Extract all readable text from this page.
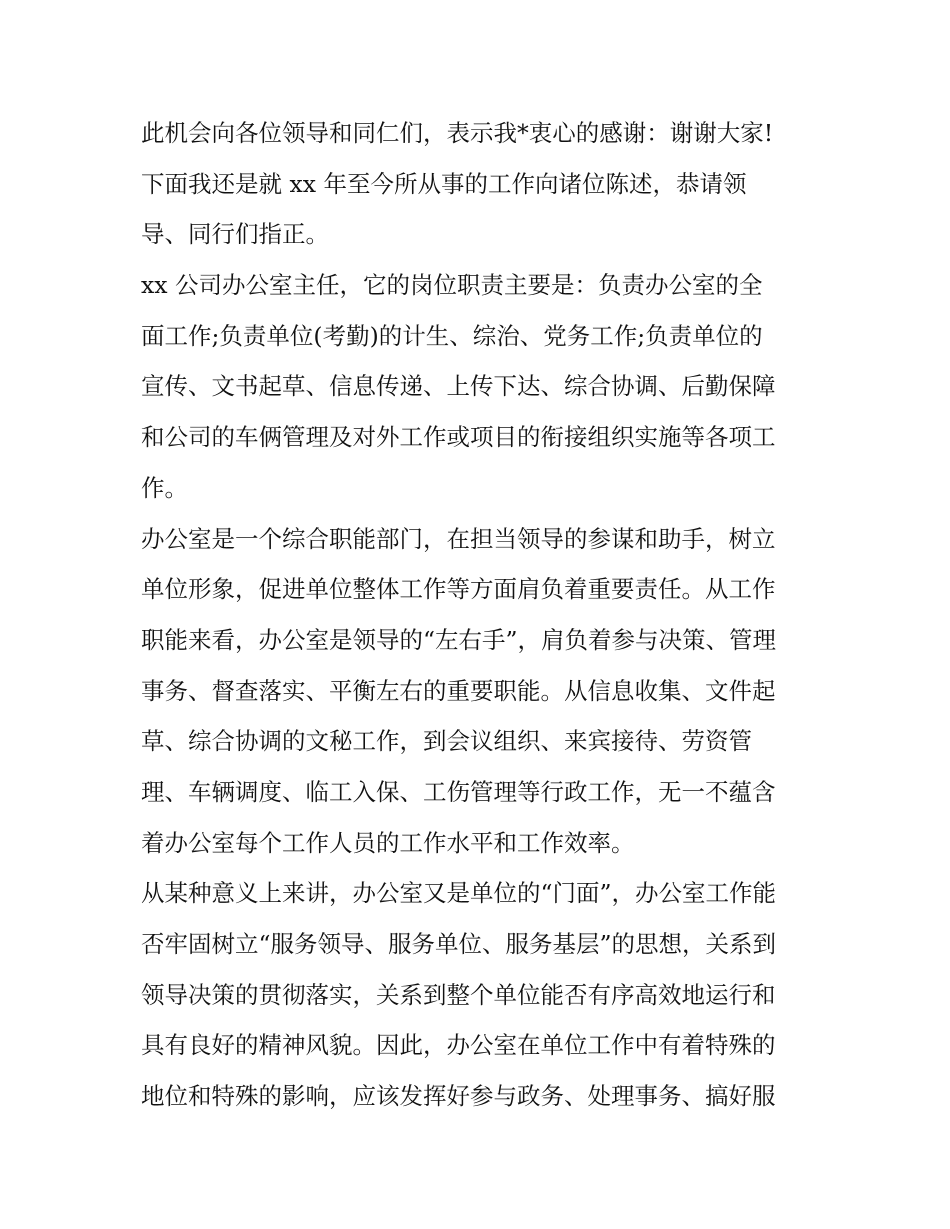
此机会向各位领导和同仁们，表示我*衷心的感谢：谢谢大家!
下面我还是就 xx 年至今所从事的工作向诸位陈述，恭请领
导、同行们指正。
xx 公司办公室主任，它的岗位职责主要是：负责办公室的全
面工作;负责单位(考勤)的计生、综治、党务工作;负责单位的
宣传、文书起草、信息传递、上传下达、综合协调、后勤保障
和公司的车俩管理及对外工作或项目的衔接组织实施等各项工
作。
办公室是一个综合职能部门，在担当领导的参谋和助手，树立
单位形象，促进单位整体工作等方面肩负着重要责任。从工作
职能来看，办公室是领导的“左右手”，肩负着参与决策、管理
事务、督查落实、平衡左右的重要职能。从信息收集、文件起
草、综合协调的文秘工作，到会议组织、来宾接待、劳资管
理、车辆调度、临工入保、工伤管理等行政工作，无一不蕴含
着办公室每个工作人员的工作水平和工作效率。
从某种意义上来讲，办公室又是单位的“门面”，办公室工作能
否牢固树立“服务领导、服务单位、服务基层”的思想，关系到
领导决策的贯彻落实，关系到整个单位能否有序高效地运行和
具有良好的精神风貌。因此，办公室在单位工作中有着特殊的
地位和特殊的影响，应该发挥好参与政务、处理事务、搞好服
